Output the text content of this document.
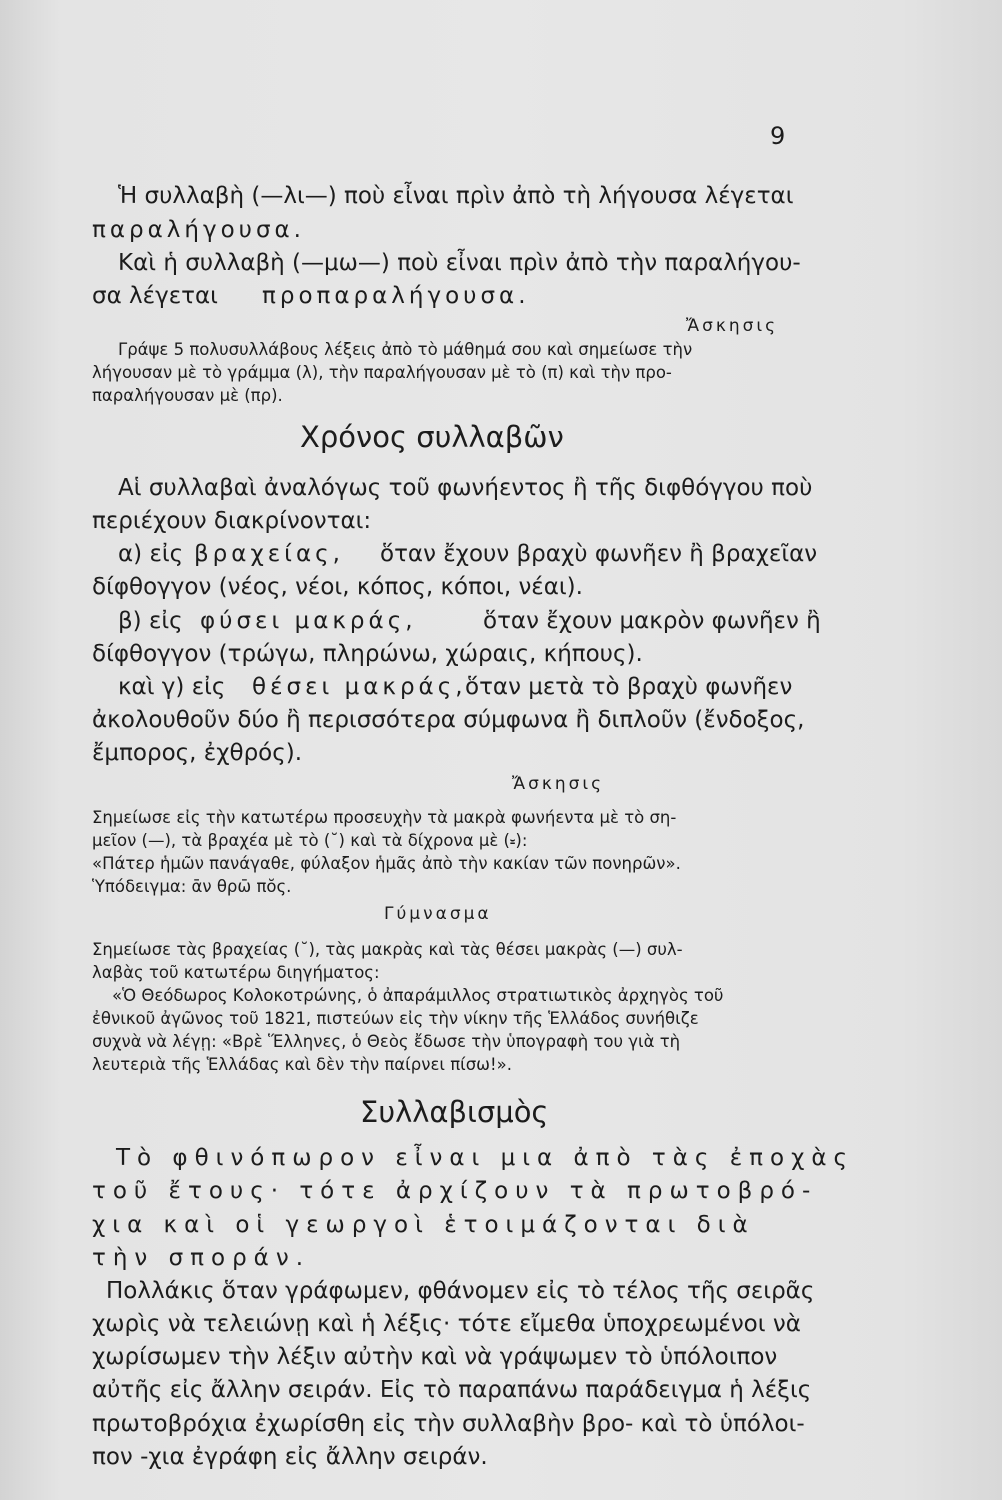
9
Ἡ συλλαβὴ (—λι—) ποὺ εἶναι πρὶν ἀπὸ τὴ λήγουσα λέγεται
παραλήγουσα.
Καὶ ἡ συλλαβὴ (—μω—) ποὺ εἶναι πρὶν ἀπὸ τὴν παραλήγου-
σα λέγεται προπαραλήγουσα.
Ἄσκησις
Γράψε 5 πολυσυλλάβους λέξεις ἀπὸ τὸ μάθημά σου καὶ σημείωσε τὴν
λήγουσαν μὲ τὸ γράμμα (λ), τὴν παραλήγουσαν μὲ τὸ (π) καὶ τὴν προ-
παραλήγουσαν μὲ (πρ).
Χρόνος συλλαβῶν
Αἱ συλλαβαὶ ἀναλόγως τοῦ φωνήεντος ἢ τῆς διφθόγγου ποὺ
περιέχουν διακρίνονται:
α) εἰς βραχείας, ὅταν ἔχουν βραχὺ φωνῆεν ἢ βραχεῖαν
δίφθογγον (νέος, νέοι, κόπος, κόποι, νέαι).
β) εἰς φύσει μακράς,	ὅταν ἔχουν μακρὸν φωνῆεν ἢ
δίφθογγον (τρώγω, πληρώνω, χώραις, κήπους).
καὶ γ) εἰς θέσει μακράς,
ὅταν μετὰ τὸ βραχὺ φωνῆεν
ἀκολουθοῦν δύο ἢ περισσότερα σύμφωνα ἢ διπλοῦν (ἔνδοξος,
ἔμπορος, ἐχθρός).
Ἄσκησις
Σημείωσε εἰς τὴν κατωτέρω προσευχὴν τὰ μακρὰ φωνήεντα μὲ τὸ ση-
μεῖον (—), τὰ βραχέα μὲ τὸ (˘) καὶ τὰ δίχρονα μὲ (⏓):
«Πάτερ ἡμῶν πανάγαθε, φύλαξον ἡμᾶς ἀπὸ τὴν κακίαν τῶν πονηρῶν».
Ὑπόδειγμα: ᾱν θρω̄ πο̆ς.
Γύμνασμα
Σημείωσε τὰς βραχείας (˘), τὰς μακρὰς καὶ τὰς θέσει μακρὰς (—) συλ-
λαβὰς τοῦ κατωτέρω διηγήματος:
«Ὁ Θεόδωρος Κολοκοτρώνης, ὁ ἀπαράμιλλος στρατιωτικὸς ἀρχηγὸς τοῦ
ἐθνικοῦ ἀγῶνος τοῦ 1821, πιστεύων εἰς τὴν νίκην τῆς Ἑλλάδος συνήθιζε
συχνὰ νὰ λέγῃ: «Βρὲ Ἕλληνες, ὁ Θεὸς ἔδωσε τὴν ὑπογραφὴ του γιὰ τὴ
λευτεριὰ τῆς Ἑλλάδας καὶ δὲν τὴν παίρνει πίσω!».
Συλλαβισμὸς
Τὸ φθινόπωρον εἶναι μια ἀπὸ τὰς ἐποχὰς
τοῦ ἔτους· τότε ἀρχίζουν τὰ πρωτοβρό-
χια καὶ οἱ γεωργοὶ ἑτοιμάζονται διὰ
τὴν σποράν.
Πολλάκις ὅταν γράφωμεν, φθάνομεν εἰς τὸ τέλος τῆς σειρᾶς
χωρὶς νὰ τελειώνῃ καὶ ἡ λέξις· τότε εἴμεθα ὑποχρεωμένοι νὰ
χωρίσωμεν τὴν λέξιν αὐτὴν καὶ νὰ γράψωμεν τὸ ὑπόλοιπον
αὐτῆς εἰς ἄλλην σειράν. Εἰς τὸ παραπάνω παράδειγμα ἡ λέξις
πρωτοβρόχια ἐχωρίσθη εἰς τὴν συλλαβὴν βρο- καὶ τὸ ὑπόλοι-
πον -χια ἐγράφη εἰς ἄλλην σειράν.
